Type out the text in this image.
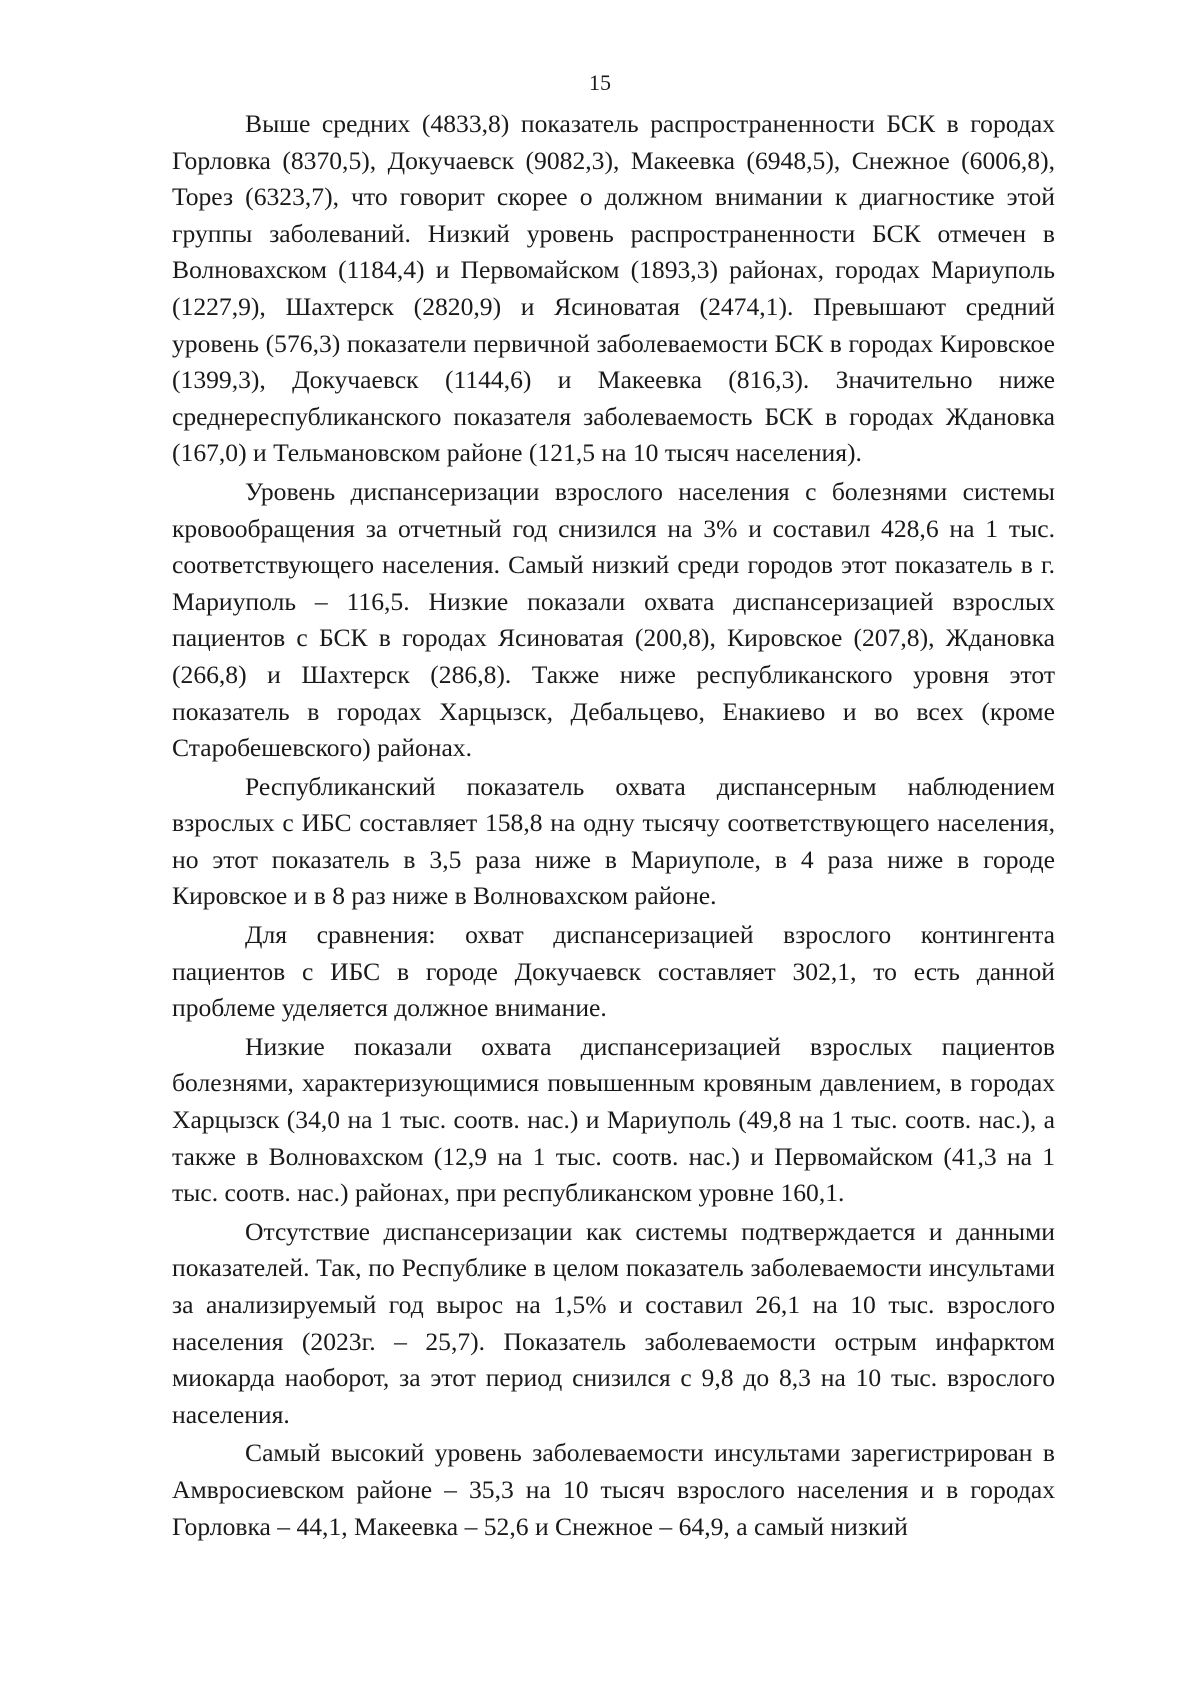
15

Выше средних (4833,8) показатель распространенности БСК в городах Горловка (8370,5), Докучаевск (9082,3), Макеевка (6948,5), Снежное (6006,8), Торез (6323,7), что говорит скорее о должном внимании к диагностике этой группы заболеваний. Низкий уровень распространенности БСК отмечен в Волновахском (1184,4) и Первомайском (1893,3) районах, городах Мариуполь (1227,9), Шахтерск (2820,9) и Ясиноватая (2474,1). Превышают средний уровень (576,3) показатели первичной заболеваемости БСК в городах Кировское (1399,3), Докучаевск (1144,6) и Макеевка (816,3). Значительно ниже среднереспубликанского показателя заболеваемость БСК в городах Ждановка (167,0) и Тельмановском районе (121,5 на 10 тысяч населения).

Уровень диспансеризации взрослого населения с болезнями системы кровообращения за отчетный год снизился на 3% и составил 428,6 на 1 тыс. соответствующего населения. Самый низкий среди городов этот показатель в г. Мариуполь – 116,5. Низкие показали охвата диспансеризацией взрослых пациентов с БСК в городах Ясиноватая (200,8), Кировское (207,8), Ждановка (266,8) и Шахтерск (286,8). Также ниже республиканского уровня этот показатель в городах Харцызск, Дебальцево, Енакиево и во всех (кроме Старобешевского) районах.

Республиканский показатель охвата диспансерным наблюдением взрослых с ИБС составляет 158,8 на одну тысячу соответствующего населения, но этот показатель в 3,5 раза ниже в Мариуполе, в 4 раза ниже в городе Кировское и в 8 раз ниже в Волновахском районе.

Для сравнения: охват диспансеризацией взрослого контингента пациентов с ИБС в городе Докучаевск составляет 302,1, то есть данной проблеме уделяется должное внимание.

Низкие показали охвата диспансеризацией взрослых пациентов болезнями, характеризующимися повышенным кровяным давлением, в городах Харцызск (34,0 на 1 тыс. соотв. нас.) и Мариуполь (49,8 на 1 тыс. соотв. нас.), а также в Волновахском (12,9 на 1 тыс. соотв. нас.) и Первомайском (41,3 на 1 тыс. соотв. нас.) районах, при республиканском уровне 160,1.

Отсутствие диспансеризации как системы подтверждается и данными показателей. Так, по Республике в целом показатель заболеваемости инсультами за анализируемый год вырос на 1,5% и составил 26,1 на 10 тыс. взрослого населения (2023г. – 25,7). Показатель заболеваемости острым инфарктом миокарда наоборот, за этот период снизился с 9,8 до 8,3 на 10 тыс. взрослого населения.

Самый высокий уровень заболеваемости инсультами зарегистрирован в Амвросиевском районе – 35,3 на 10 тысяч взрослого населения и в городах Горловка – 44,1, Макеевка – 52,6 и Снежное – 64,9, а самый низкий
